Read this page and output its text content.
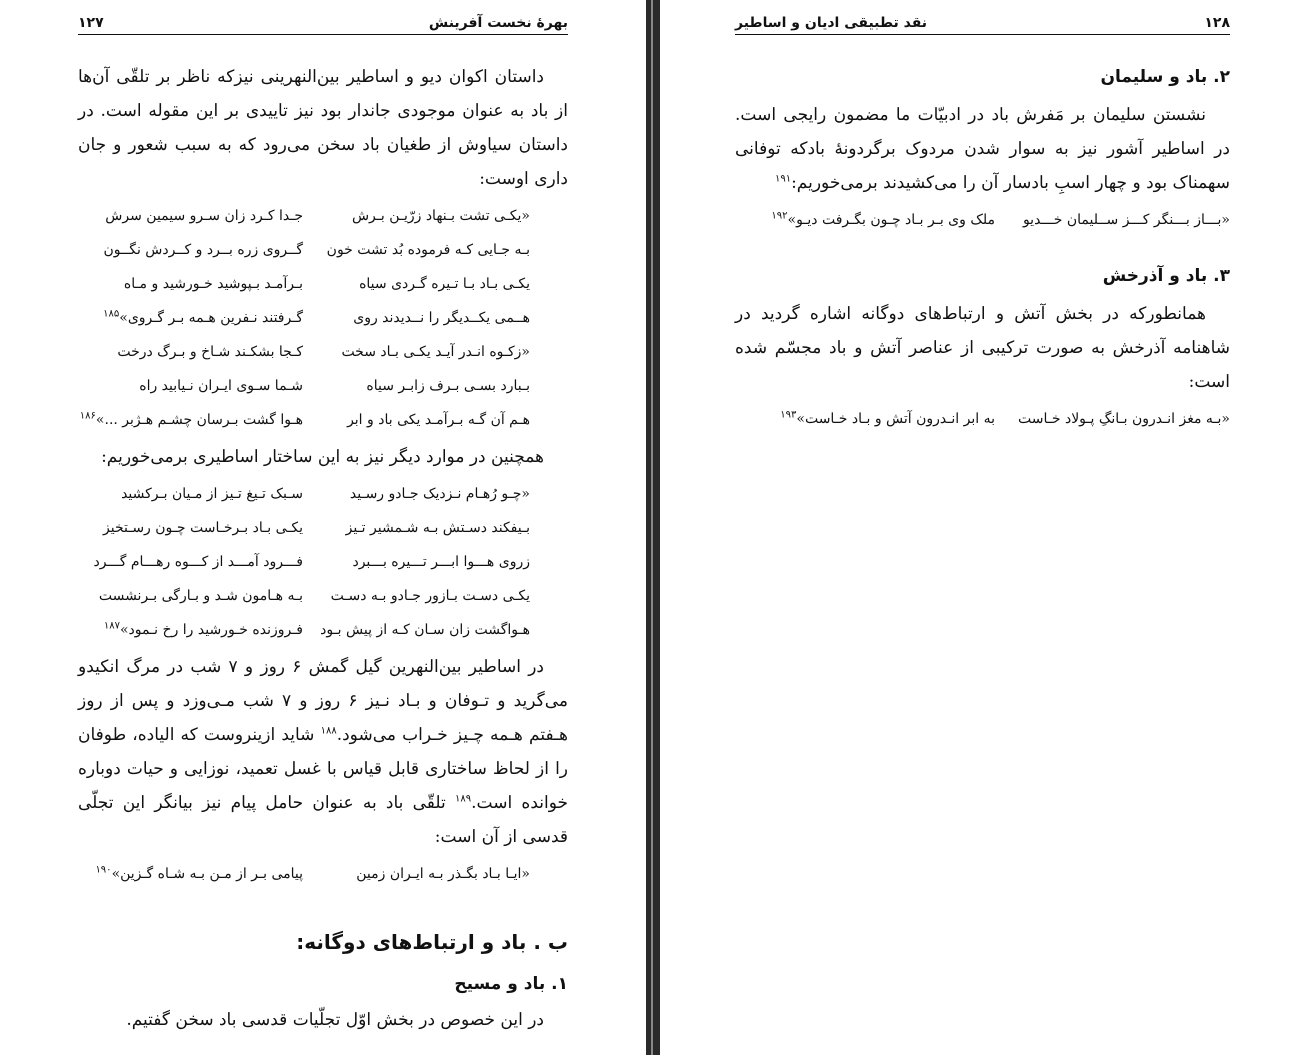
بهرهٔ نخست آفرینش
۱۲۷

داستان اکوان دیو و اساطیر بین‌النهرینی نیزکه ناظر بر تلقّی آن‌ها از باد به عنوان موجودی جاندار بود نیز تاییدی بر این مقوله است. در داستان سیاوش از طغیان باد سخن می‌رود که به سبب شعور و جان داری اوست:

«یکـی تشت بـنهاد زرّیـن بـرش
جـدا کـرد زان سـرو سیمین سرش
بـه جـایی کـه فرموده بُد تشت خون
گــروی زره بــرد و کــردش نگــون
یکـی بـاد بـا تـیره گـردی سیاه
بـرآمـد بـپوشید خـورشید و مـاه
هــمی یکــدیگر را نــدیدند روی
گـرفتند نـفرین هـمه بـر گـروی»$^{۱۸۵}$
«زکـوه انـدر آیـد یکـی بـاد سخت
کـجا بشکـند شـاخ و بـرگ درخت
بـبارد بسـی بـرف زابـر سیاه
شـما سـوی ایـران نـیابید راه
هـم آن گـه بـرآمـد یکی باد و ابر
هـوا گشت بـرسان چشـم هـژبر ...»$^{۱۸۶}$

همچنین در موارد دیگر نیز به این ساختار اساطیری برمی‌خوریم:

«چـو رُهـام نـزدیک جـادو رسـید
سـبک تـیغ تـیز از مـیان بـرکشید
بـیفکند دسـتش بـه شـمشیر تـیز
یکـی بـاد بـرخـاست چـون رسـتخیز
زروی هـــوا ابـــر تـــیره بـــبرد
فـــرود آمـــد از کـــوه رهـــام گـــرد
یکـی دسـت بـازور جـادو بـه دسـت
بـه هـامون شـد و بـارگی بـرنشست
هـواگشت زان سـان کـه از پیش بـود
فـروزنده خـورشید را رخ نـمود»$^{۱۸۷}$

در اساطیر بین‌النهرین گیل گمش ۶ روز و ۷ شب در مرگ انکیدو می‌گرید و تـوفان و بـاد نـیز ۶ روز و ۷ شب مـی‌وزد و پس از روز هـفتم هـمه چـیز خـراب می‌شود.$^{۱۸۸}$ شاید ازینروست که الیاده، طوفان را از لحاظ ساختاری قابل قیاس با غسل تعمید، نوزایی و حیات دوباره خوانده است.$^{۱۸۹}$ تلقّی باد به عنوان حامل پیام نیز بیانگر این تجلّی قدسی از آن است:

«ایـا بـاد بگـذر بـه ایـران زمین
پیامی بـر از مـن بـه شـاه گـزین»$^{۱۹۰}$
ب . باد و ارتباط‌های دوگانه:
۱. باد و مسیح

در این خصوص در بخش اوّل تجلّیات قدسی باد سخن گفتیم.

۱۲۸
نقد تطبیقی ادیان و اساطیر
۲. باد و سلیمان

نشستن سلیمان بر مَفرش باد در ادبیّات ما مضمون رایجی است. در اساطیر آشور نیز به سوار شدن مردوک برگردونهٔ بادکه توفانی سهمناک بود و چهار اسبِ بادسار آن را می‌کشیدند برمی‌خوریم:$^{۱۹۱}$

«بـــاز بـــنگر کـــز ســلیمان خـــدیو
ملک وی بـر بـاد چـون بگـرفت دیـو»$^{۱۹۲}$
۳. باد و آذرخش

همانطورکه در بخش آتش و ارتباط‌های دوگانه اشاره گردید در شاهنامه آذرخش به صورت ترکیبی از عناصر آتش و باد مجسّم شده است:

«بـه مغز انـدرون بـانگِ پـولاد خـاست
به ابر انـدرون آتش و بـاد خـاست»$^{۱۹۳}$
